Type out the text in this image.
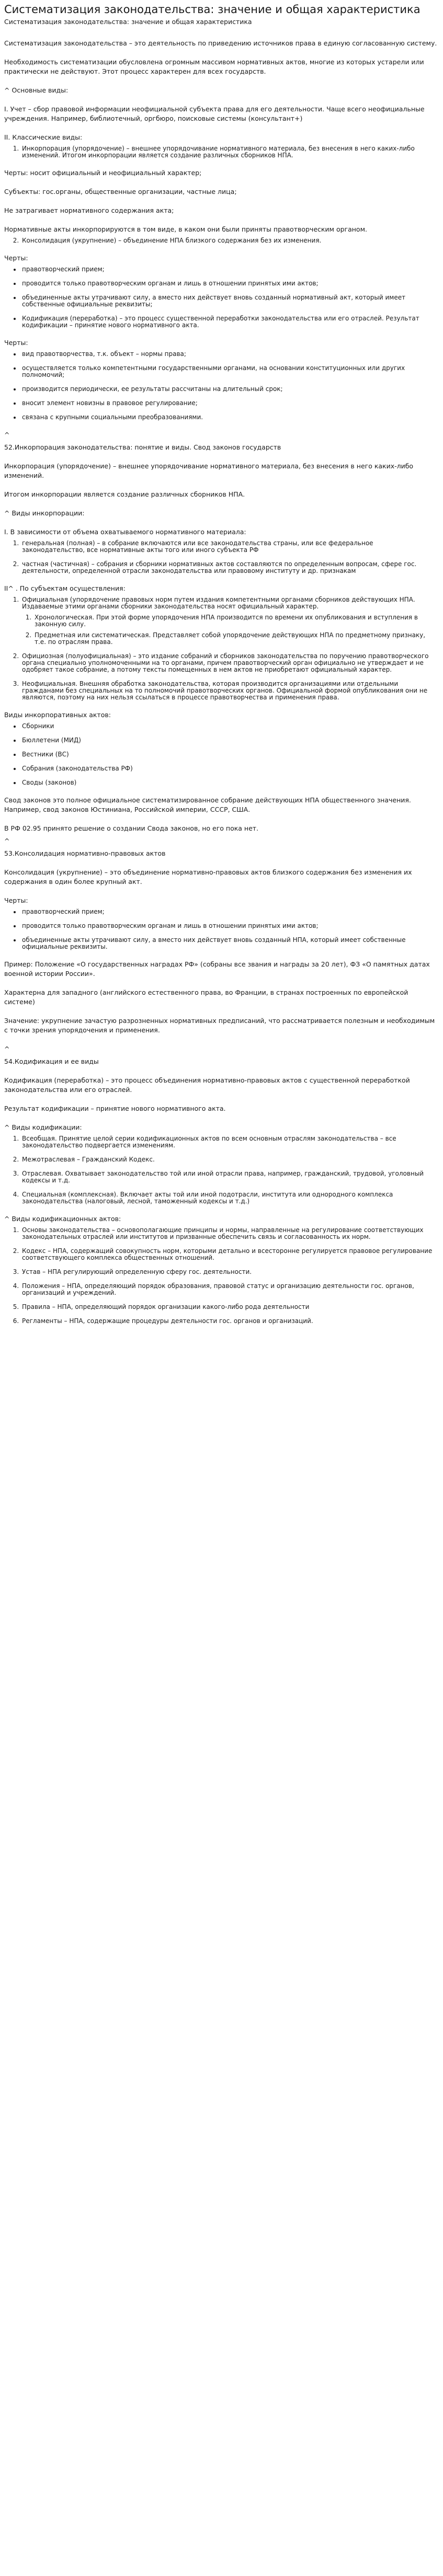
Систематизация законодательства: значение и общая характеристика
Систематизация законодательства: значение и общая характеристика

Систематизация законодательства – это деятельность по приведению источников права в единую согласованную систему.

Необходимость систематизации обусловлена огромным массивом нормативных актов, многие из которых устарели или практически не действуют. Этот процесс характерен для всех государств.

^ Основные виды:

I. Учет – сбор правовой информации неофициальной субъекта права для его деятельности. Чаще всего неофициальные учреждения. Например, библиотечный, оргбюро, поисковые системы (консультант+)

II. Классические виды:

1. Инкорпорация (упорядочение) – внешнее упорядочивание нормативного материала, без внесения в него каких-либо изменений. Итогом инкорпорации является создание различных сборников НПА.

Черты: носит официальный и неофициальный характер;

Субъекты: гос.органы, общественные организации, частные лица;

Не затрагивает нормативного содержания акта;

Нормативные акты инкорпорируются в том виде, в каком они были приняты правотворческим органом.

2. Консолидация (укрупнение) – объединение НПА близкого содержания без их изменения.

Черты:

• правотворческий прием;
• проводится только правотворческим органам и лишь в отношении принятых ими актов;
• объединенные акты утрачивают силу, а вместо них действует вновь созданный нормативный акт, который имеет собственные официальные реквизиты;
• Кодификация (переработка) – это процесс существенной переработки законодательства или его отраслей. Результат кодификации – принятие нового нормативного акта.

Черты:

• вид правотворчества, т.к. объект – нормы права;
• осуществляется только компетентными государственными органами, на основании конституционных или других полномочий;
• производится периодически, ее результаты рассчитаны на длительный срок;
• вносит элемент новизны в правовое регулирование;
• связана с крупными социальными преобразованиями.

^

52.Инкорпорация законодательства: понятие и виды. Свод законов государств

Инкорпорация (упорядочение) – внешнее упорядочивание нормативного материала, без внесения в него каких-либо изменений.

Итогом инкорпорации является создание различных сборников НПА.

^ Виды инкорпорации:

I. В зависимости от объема охватываемого нормативного материала:

1. генеральная (полная) – в собрание включаются или все законодательства страны, или все федеральное законодательство, все нормативные акты того или иного субъекта РФ
2. частная (частичная) – собрания и сборники нормативных актов составляются по определенным вопросам, сфере гос. деятельности, определенной отрасли законодательства или правовому институту и др. признакам

II^ . По субъектам осуществления:

1. Официальная (упорядочение правовых норм путем издания компетентными органами сборников действующих НПА. Издаваемые этими органами сборники законодательства носят официальный характер.
1. Хронологическая. При этой форме упорядочения НПА производится по времени их опубликования и вступления в законную силу.
2. Предметная или систематическая. Представляет собой упорядочение действующих НПА по предметному признаку, т.е. по отраслям права.
2. Официозная (полуофициальная) – это издание собраний и сборников законодательства по поручению правотворческого органа специально уполномоченными на то органами, причем правотворческий орган официально не утверждает и не одобряет такое собрание, а потому тексты помещенных в нем актов не приобретают официальный характер.
3. Неофициальная. Внешняя обработка законодательства, которая производится организациями или отдельными гражданами без специальных на то полномочий правотворческих органов. Официальной формой опубликования они не являются, поэтому на них нельзя ссылаться в процессе правотворчества и применения права.

Виды инкорпоративных актов:

• Сборники
• Бюллетени (МИД)
• Вестники (ВС)
• Собрания (законодательства РФ)
• Своды (законов)

Свод законов это полное официальное систематизированное собрание действующих НПА общественного значения. Например, свод законов Юстиниана, Российской империи, СССР, США.

В РФ 02.95 принято решение о создании Свода законов, но его пока нет.

^

53.Консолидация нормативно-правовых актов

Консолидация (укрупнение) – это объединение нормативно-правовых актов близкого содержания без изменения их содержания в один более крупный акт.

Черты:

• правотворческий прием;
• проводится только правотворческим органам и лишь в отношении принятых ими актов;
• объединенные акты утрачивают силу, а вместо них действует вновь созданный НПА, который имеет собственные официальные реквизиты.

Пример: Положение «О государственных наградах РФ» (собраны все звания и награды за 20 лет), ФЗ «О памятных датах военной истории России».

Характерна для западного (английского естественного права, во Франции, в странах построенных по европейской системе)

Значение: укрупнение зачастую разрозненных нормативных предписаний, что рассматривается полезным и необходимым с точки зрения упорядочения и применения.

^

54.Кодификация и ее виды

Кодификация (переработка) – это процесс объединения нормативно-правовых актов с существенной переработкой законодательства или его отраслей.

Результат кодификации – принятие нового нормативного акта.

^ Виды кодификации:

1. Всеобщая. Принятие целой серии кодификационных актов по всем основным отраслям законодательства – все законодательство подвергается изменениям.
2. Межотраслевая – Гражданский Кодекс.
3. Отраслевая. Охватывает законодательство той или иной отрасли права, например, гражданский, трудовой, уголовный кодексы и т.д.
4. Специальная (комплексная). Включает акты той или иной подотрасли, института или однородного комплекса законодательства (налоговый, лесной, таможенный кодексы и т.д.)

^ Виды кодификационных актов:

1. Основы законодательства – основополагающие принципы и нормы, направленные на регулирование соответствующих законодательных отраслей или институтов и призванные обеспечить связь и согласованность их норм.
2. Кодекс – НПА, содержащий совокупность норм, которыми детально и всесторонне регулируется правовое регулирование соответствующего комплекса общественных отношений.
3. Устав – НПА регулирующий определенную сферу гос. деятельности.
4. Положения – НПА, определяющий порядок образования, правовой статус и организацию деятельности гос. органов, организаций и учреждений.
5. Правила – НПА, определяющий порядок организации какого-либо рода деятельности
6. Регламенты – НПА, содержащие процедуры деятельности гос. органов и организаций.
